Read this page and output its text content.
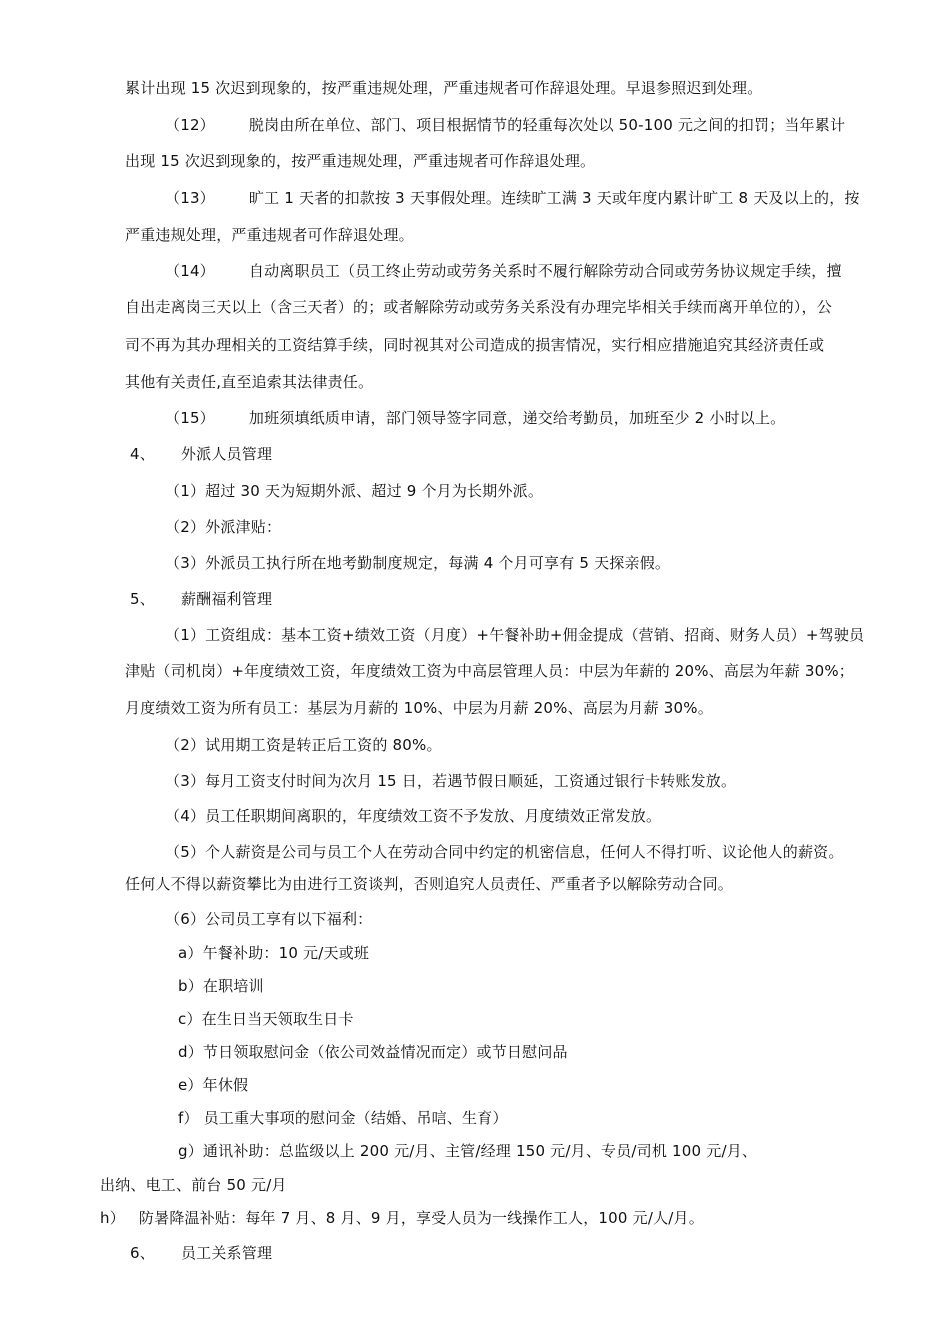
累计出现 15 次迟到现象的，按严重违规处理，严重违规者可作辞退处理。早退参照迟到处理。
（12） 脱岗由所在单位、部门、项目根据情节的轻重每次处以 50-100 元之间的扣罚；当年累计
出现 15 次迟到现象的，按严重违规处理，严重违规者可作辞退处理。
（13） 旷工 1 天者的扣款按 3 天事假处理。连续旷工满 3 天或年度内累计旷工 8 天及以上的，按
严重违规处理，严重违规者可作辞退处理。
（14） 自动离职员工（员工终止劳动或劳务关系时不履行解除劳动合同或劳务协议规定手续，擅
自出走离岗三天以上（含三天者）的；或者解除劳动或劳务关系没有办理完毕相关手续而离开单位的），公
司不再为其办理相关的工资结算手续，同时视其对公司造成的损害情况，实行相应措施追究其经济责任或
其他有关责任,直至追索其法律责任。
（15） 加班须填纸质申请，部门领导签字同意，递交给考勤员，加班至少 2 小时以上。
4、 外派人员管理
（1）超过 30 天为短期外派、超过 9 个月为长期外派。
（2）外派津贴：
（3）外派员工执行所在地考勤制度规定，每满 4 个月可享有 5 天探亲假。
5、 薪酬福利管理
（1）工资组成：基本工资+绩效工资（月度）+午餐补助+佣金提成（营销、招商、财务人员）+驾驶员
津贴（司机岗）+年度绩效工资，年度绩效工资为中高层管理人员：中层为年薪的 20%、高层为年薪 30%；
月度绩效工资为所有员工：基层为月薪的 10%、中层为月薪 20%、高层为月薪 30%。
（2）试用期工资是转正后工资的 80%。
（3）每月工资支付时间为次月 15 日，若遇节假日顺延，工资通过银行卡转账发放。
（4）员工任职期间离职的，年度绩效工资不予发放、月度绩效正常发放。
（5）个人薪资是公司与员工个人在劳动合同中约定的机密信息，任何人不得打听、议论他人的薪资。
任何人不得以薪资攀比为由进行工资谈判，否则追究人员责任、严重者予以解除劳动合同。
（6）公司员工享有以下福利：
a）午餐补助：10 元/天或班
b）在职培训
c）在生日当天领取生日卡
d）节日领取慰问金（依公司效益情况而定）或节日慰问品
e）年休假
f） 员工重大事项的慰问金（结婚、吊唁、生育）
g）通讯补助：总监级以上 200 元/月、主管/经理 150 元/月、专员/司机 100 元/月、
出纳、电工、前台 50 元/月
h） 防暑降温补贴：每年 7 月、8 月、9 月，享受人员为一线操作工人，100 元/人/月。
6、 员工关系管理
